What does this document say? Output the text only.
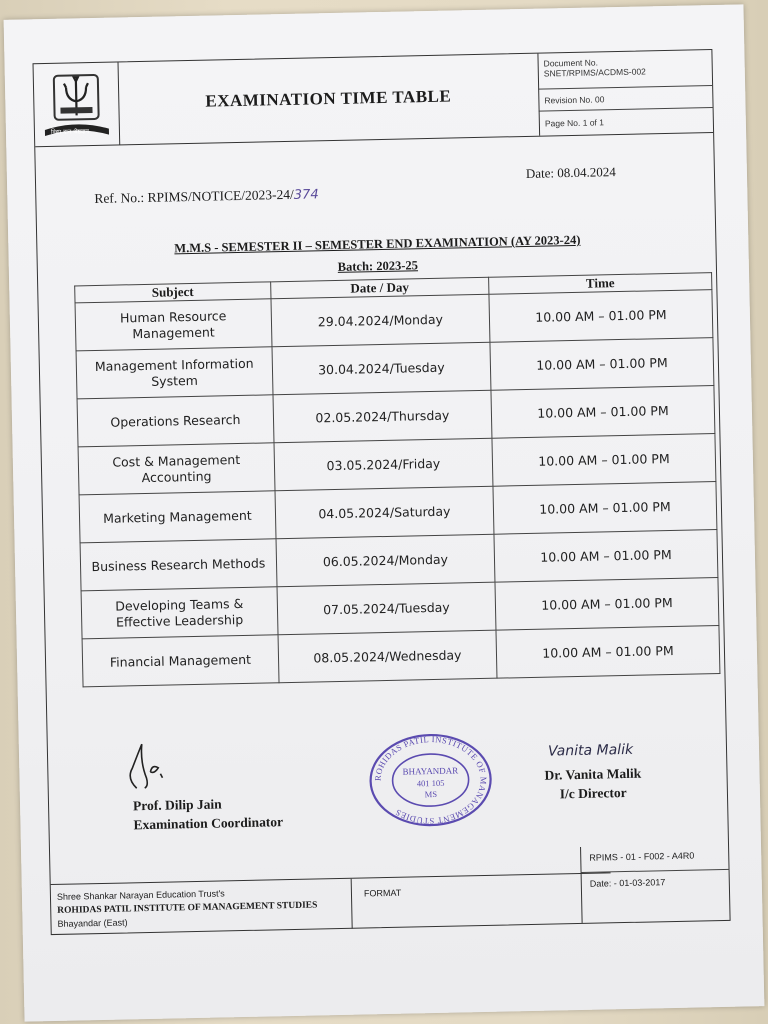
विद्या दान श्रेष्ठदान
EXAMINATION TIME TABLE
Document No.
SNET/RPIMS/ACDMS-002
Revision No. 00
Page No. 1 of 1
Ref. No.: RPIMS/NOTICE/2023-24/374
Date: 08.04.2024
M.M.S - SEMESTER II – SEMESTER END EXAMINATION (AY 2023-24)
Batch: 2023-25
Subject	Date / Day	Time
Human Resource Management	29.04.2024/Monday	10.00 AM – 01.00 PM
Management Information System	30.04.2024/Tuesday	10.00 AM – 01.00 PM
Operations Research	02.05.2024/Thursday	10.00 AM – 01.00 PM
Cost & Management Accounting	03.05.2024/Friday	10.00 AM – 01.00 PM
Marketing Management	04.05.2024/Saturday	10.00 AM – 01.00 PM
Business Research Methods	06.05.2024/Monday	10.00 AM – 01.00 PM
Developing Teams & Effective Leadership	07.05.2024/Tuesday	10.00 AM – 01.00 PM
Financial Management	08.05.2024/Wednesday	10.00 AM – 01.00 PM
Prof. Dilip Jain
Examination Coordinator
ROHIDAS PATIL INSTITUTE OF MANAGEMENT STUDIES
BHAYANDAR
401 105
MS
Vanita Malik
Dr. Vanita Malik
I/c Director
Shree Shankar Narayan Education Trust's
ROHIDAS PATIL INSTITUTE OF MANAGEMENT STUDIES
Bhayandar (East)
FORMAT
RPIMS - 01 - F002 - A4R0
Date: - 01-03-2017
